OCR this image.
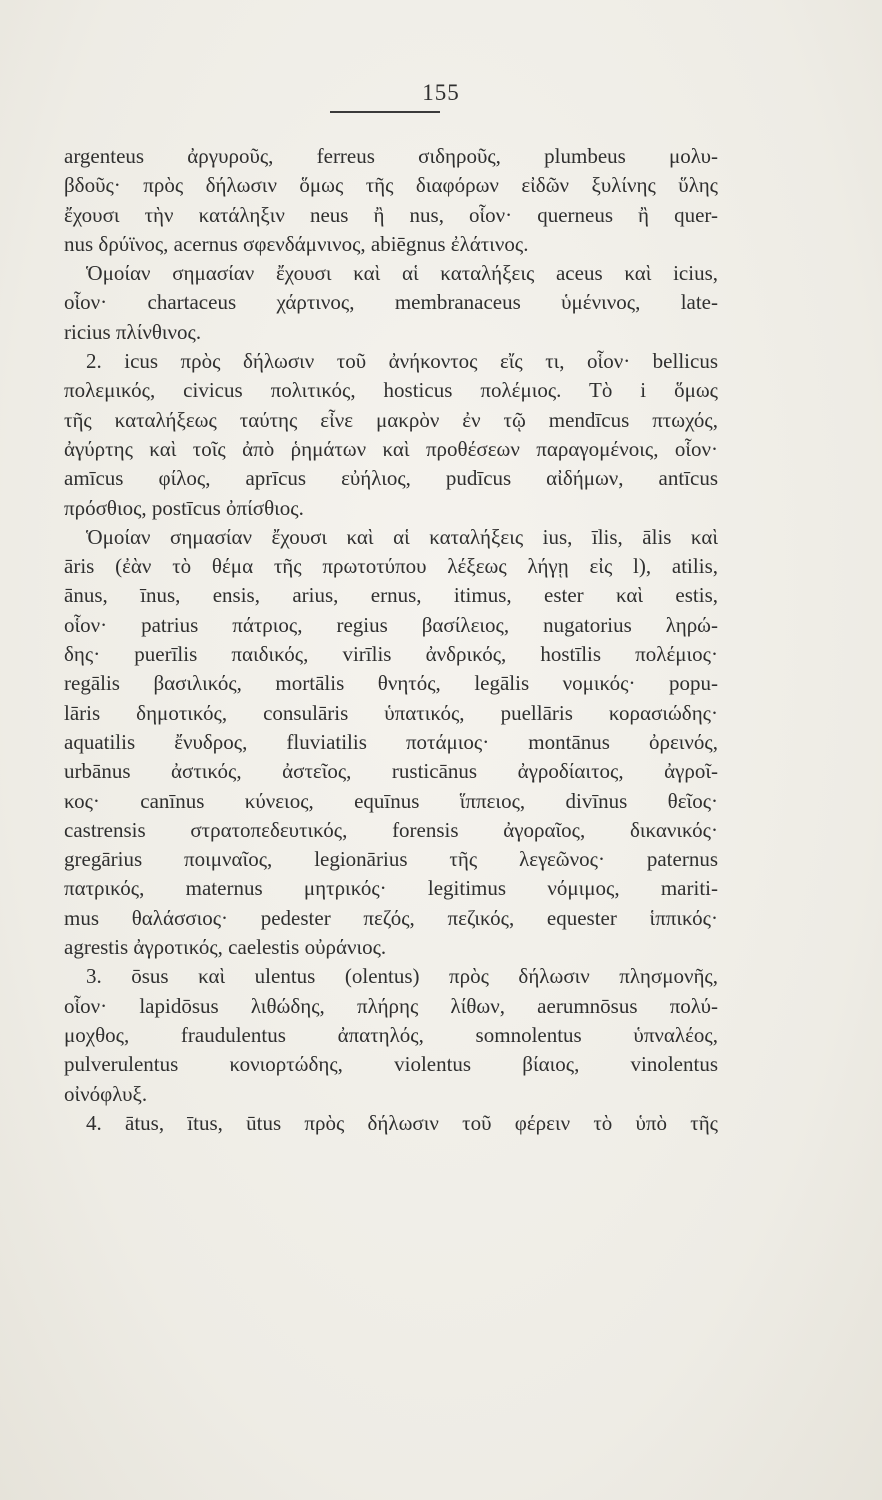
155
argenteus ἀργυροῦς, ferreus σιδηροῦς, plumbeus μολυ-
βδοῦς· πρὸς δήλωσιν ὅμως τῆς διαφόρων εἰδῶν ξυλίνης ὕλης
ἔχουσι τὴν κατάληξιν neus ἢ nus, οἷον· querneus ἢ quer-
nus δρύϊνος, acernus σφενδάμνινος, abiēgnus ἐλάτινος.
Ὁμοίαν σημασίαν ἔχουσι καὶ αἱ καταλήξεις aceus καὶ icius,
οἷον· chartaceus χάρτινος, membranaceus ὑμένινος, late-
ricius πλίνθινος.
2. icus πρὸς δήλωσιν τοῦ ἀνήκοντος εἴς τι, οἷον· bellicus
πολεμικός, civicus πολιτικός, hosticus πολέμιος. Τὸ i ὅμως
τῆς καταλήξεως ταύτης εἶνε μακρὸν ἐν τῷ mendīcus πτωχός,
ἀγύρτης καὶ τοῖς ἀπὸ ῥημάτων καὶ προθέσεων παραγομένοις, οἷον·
amīcus φίλος, aprīcus εὐήλιος, pudīcus αἰδήμων, antīcus
πρόσθιος, postīcus ὀπίσθιος.
Ὁμοίαν σημασίαν ἔχουσι καὶ αἱ καταλήξεις ius, īlis, ālis καὶ
āris (ἐὰν τὸ θέμα τῆς πρωτοτύπου λέξεως λήγῃ εἰς l), atilis,
ānus, īnus, ensis, arius, ernus, itimus, ester καὶ estis,
οἷον· patrius πάτριος, regius βασίλειος, nugatorius ληρώ-
δης· puerīlis παιδικός, virīlis ἀνδρικός, hostīlis πολέμιος·
regālis βασιλικός, mortālis θνητός, legālis νομικός· popu-
lāris δημοτικός, consulāris ὑπατικός, puellāris κορασιώδης·
aquatilis ἔνυδρος, fluviatilis ποτάμιος· montānus ὀρεινός,
urbānus ἀστικός, ἀστεῖος, rusticānus ἀγροδίαιτος, ἀγροῖ-
κος· canīnus κύνειος, equīnus ἵππειος, divīnus θεῖος·
castrensis στρατοπεδευτικός, forensis ἀγοραῖος, δικανικός·
gregārius ποιμναῖος, legionārius τῆς λεγεῶνος· paternus
πατρικός, maternus μητρικός· legitimus νόμιμος, mariti-
mus θαλάσσιος· pedester πεζός, πεζικός, equester ἱππικός·
agrestis ἀγροτικός, caelestis οὐράνιος.
3. ōsus καὶ ulentus (olentus) πρὸς δήλωσιν πλησμονῆς,
οἷον· lapidōsus λιθώδης, πλήρης λίθων, aerumnōsus πολύ-
μοχθος, fraudulentus ἀπατηλός, somnolentus ὑπναλέος,
pulverulentus κονιορτώδης, violentus βίαιος, vinolentus
οἰνόφλυξ.
4. ātus, ītus, ūtus πρὸς δήλωσιν τοῦ φέρειν τὸ ὑπὸ τῆς
